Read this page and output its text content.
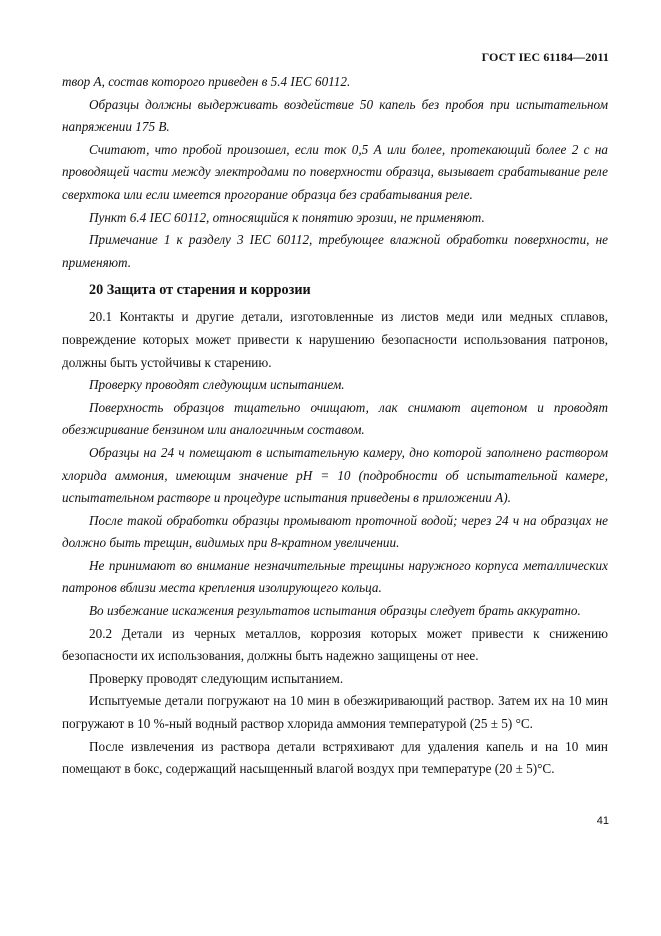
ГОСТ IEC 61184—2011

твор А, состав которого приведен в 5.4 IEC 60112.

Образцы должны выдерживать воздействие 50 капель без пробоя при испытательном напряжении 175 В.

Считают, что пробой произошел, если ток 0,5 А или более, протекающий более 2 с на проводящей части между электродами по поверхности образца, вызывает срабатывание реле сверхтока или если имеется прогорание образца без срабатывания реле.

Пункт 6.4 IEC 60112, относящийся к понятию эрозии, не применяют.

Примечание 1 к разделу 3 IEC 60112, требующее влажной обработки поверхности, не применяют.

20 Защита от старения и коррозии

20.1 Контакты и другие детали, изготовленные из листов меди или медных сплавов, повреждение которых может привести к нарушению безопасности использования патронов, должны быть устойчивы к старению.

Проверку проводят следующим испытанием.

Поверхность образцов тщательно очищают, лак снимают ацетоном и проводят обезжиривание бензином или аналогичным составом.

Образцы на 24 ч помещают в испытательную камеру, дно которой заполнено раствором хлорида аммония, имеющим значение pH = 10 (подробности об испытательной камере, испытательном растворе и процедуре испытания приведены в приложении А).

После такой обработки образцы промывают проточной водой; через 24 ч на образцах не должно быть трещин, видимых при 8-кратном увеличении.

Не принимают во внимание незначительные трещины наружного корпуса металлических патронов вблизи места крепления изолирующего кольца.

Во избежание искажения результатов испытания образцы следует брать аккуратно.

20.2 Детали из черных металлов, коррозия которых может привести к снижению безопасности их использования, должны быть надежно защищены от нее.

Проверку проводят следующим испытанием.

Испытуемые детали погружают на 10 мин в обезжиривающий раствор. Затем их на 10 мин погружают в 10 %-ный водный раствор хлорида аммония температурой (25 ± 5) °С.

После извлечения из раствора детали встряхивают для удаления капель и на 10 мин помещают в бокс, содержащий насыщенный влагой воздух при температуре (20 ± 5)°С.

41
